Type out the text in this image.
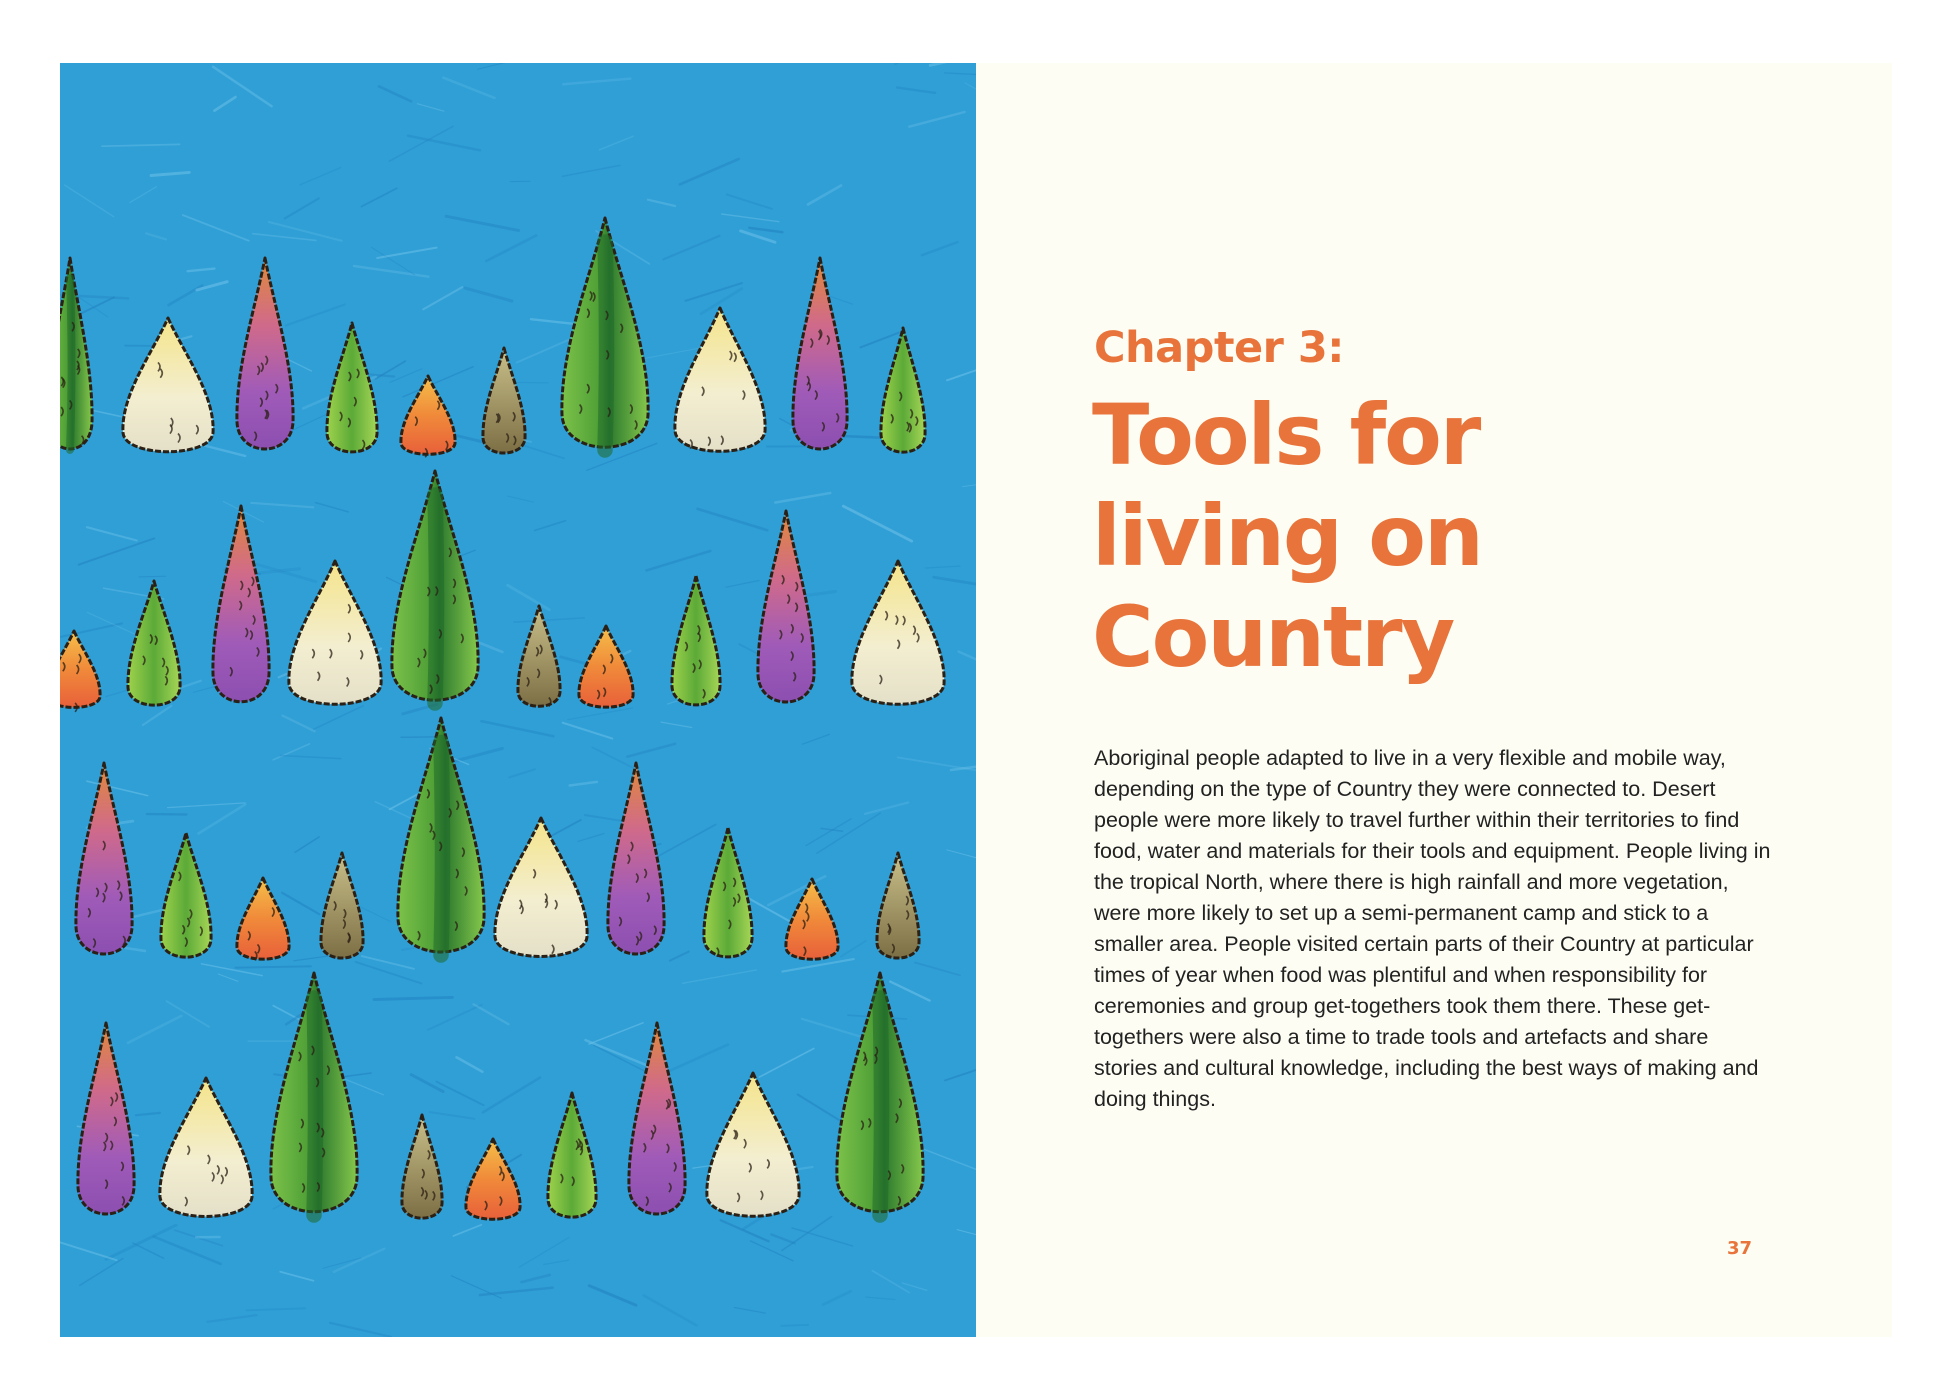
Chapter 3:
Tools for living on Country

Aboriginal people adapted to live in a very flexible and mobile way, depending on the type of Country they were connected to. Desert people were more likely to travel further within their territories to find food, water and materials for their tools and equipment. People living in the tropical North, where there is high rainfall and more vegetation, were more likely to set up a semi-permanent camp and stick to a smaller area. People visited certain parts of their Country at particular times of year when food was plentiful and when responsibility for ceremonies and group get-togethers took them there. These get-togethers were also a time to trade tools and artefacts and share stories and cultural knowledge, including the best ways of making and doing things.

37
